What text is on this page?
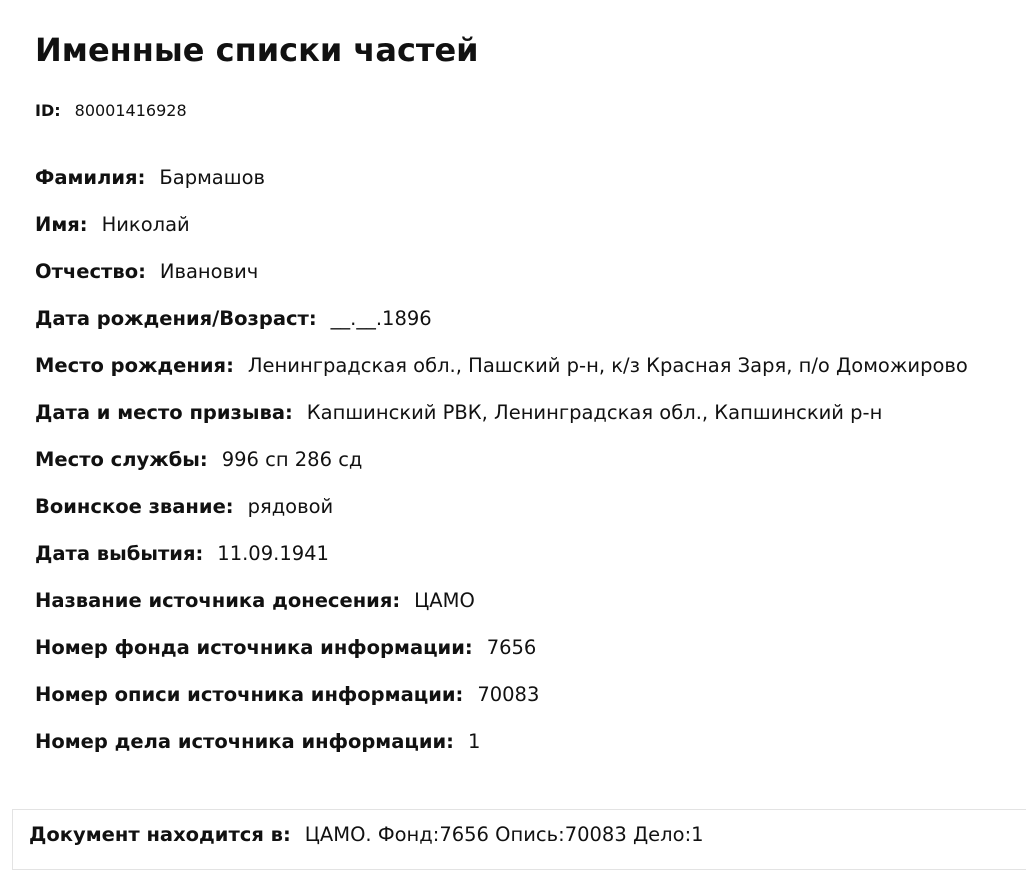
Именные списки частей
ID: 80001416928
Фамилия: Бармашов
Имя: Николай
Отчество: Иванович
Дата рождения/Возраст: __.__.1896
Место рождения: Ленинградская обл., Пашский р-н, к/з Красная Заря, п/о Доможирово
Дата и место призыва: Капшинский РВК, Ленинградская обл., Капшинский р-н
Место службы: 996 сп 286 сд
Воинское звание: рядовой
Дата выбытия: 11.09.1941
Название источника донесения: ЦАМО
Номер фонда источника информации: 7656
Номер описи источника информации: 70083
Номер дела источника информации: 1
Документ находится в: ЦАМО. Фонд:7656 Опись:70083 Дело:1
